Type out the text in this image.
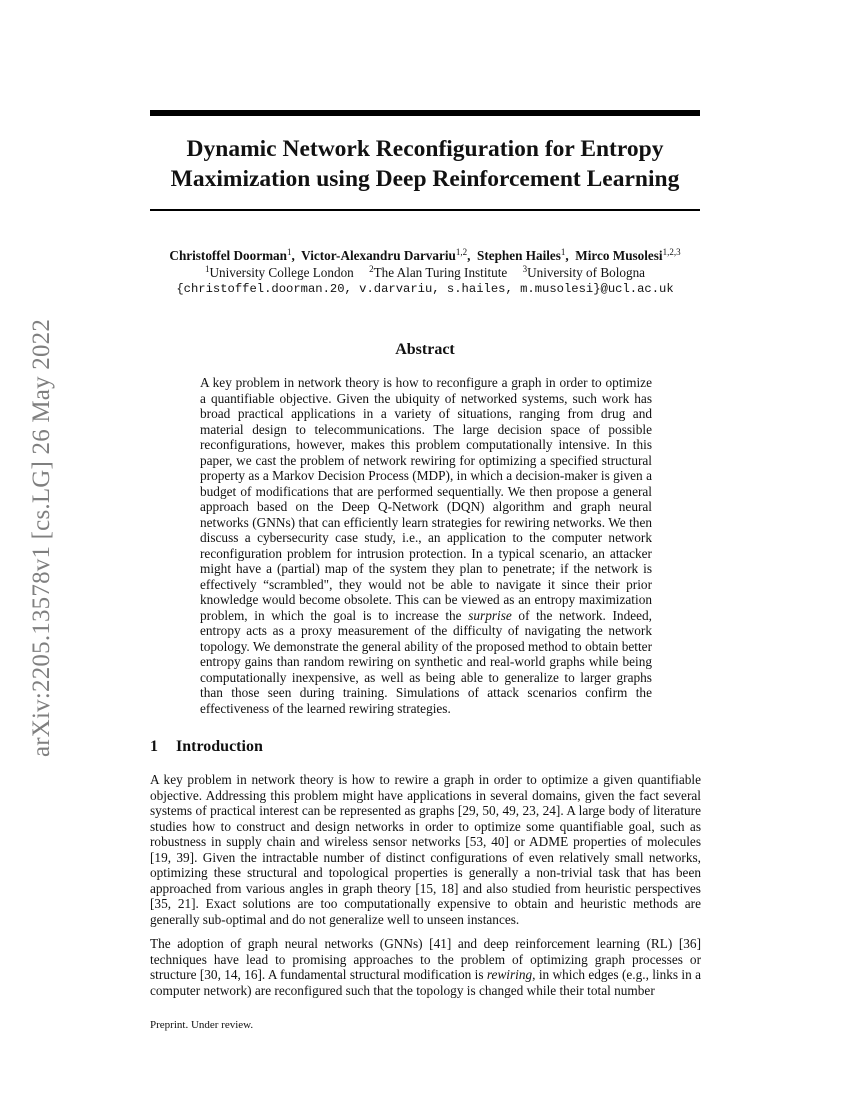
arXiv:2205.13578v1 [cs.LG] 26 May 2022
Dynamic Network Reconfiguration for Entropy
Maximization using Deep Reinforcement Learning
Christoffel Doorman$^1$,  Victor-Alexandru Darvariu$^{1,2}$,  Stephen Hailes$^1$,  Mirco Musolesi$^{1,2,3}$
$^1$University College London $^2$The Alan Turing Institute $^3$University of Bologna
{christoffel.doorman.20, v.darvariu, s.hailes, m.musolesi}@ucl.ac.uk
Abstract

A key problem in network theory is how to reconfigure a graph in order to optimize a quantifiable objective. Given the ubiquity of networked systems, such work has broad practical applications in a variety of situations, ranging from drug and material design to telecommunications. The large decision space of possible reconfigurations, however, makes this problem computationally intensive. In this paper, we cast the problem of network rewiring for optimizing a specified structural property as a Markov Decision Process (MDP), in which a decision-maker is given a budget of modifications that are performed sequentially. We then propose a general approach based on the Deep Q-Network (DQN) algorithm and graph neural networks (GNNs) that can efficiently learn strategies for rewiring networks. We then discuss a cybersecurity case study, i.e., an application to the computer network reconfiguration problem for intrusion protection. In a typical scenario, an attacker might have a (partial) map of the system they plan to penetrate; if the network is effectively “scrambled", they would not be able to navigate it since their prior knowledge would become obsolete. This can be viewed as an entropy maximization problem, in which the goal is to increase the surprise of the network. Indeed, entropy acts as a proxy measurement of the difficulty of navigating the network topology. We demonstrate the general ability of the proposed method to obtain better entropy gains than random rewiring on synthetic and real-world graphs while being computationally inexpensive, as well as being able to generalize to larger graphs than those seen during training. Simulations of attack scenarios confirm the effectiveness of the learned rewiring strategies.

1 Introduction

A key problem in network theory is how to rewire a graph in order to optimize a given quantifiable objective. Addressing this problem might have applications in several domains, given the fact several systems of practical interest can be represented as graphs [29, 50, 49, 23, 24]. A large body of literature studies how to construct and design networks in order to optimize some quantifiable goal, such as robustness in supply chain and wireless sensor networks [53, 40] or ADME properties of molecules [19, 39]. Given the intractable number of distinct configurations of even relatively small networks, optimizing these structural and topological properties is generally a non-trivial task that has been approached from various angles in graph theory [15, 18] and also studied from heuristic perspectives [35, 21]. Exact solutions are too computationally expensive to obtain and heuristic methods are generally sub-optimal and do not generalize well to unseen instances.

The adoption of graph neural networks (GNNs) [41] and deep reinforcement learning (RL) [36] techniques have lead to promising approaches to the problem of optimizing graph processes or structure [30, 14, 16]. A fundamental structural modification is rewiring, in which edges (e.g., links in a computer network) are reconfigured such that the topology is changed while their total number

Preprint. Under review.
